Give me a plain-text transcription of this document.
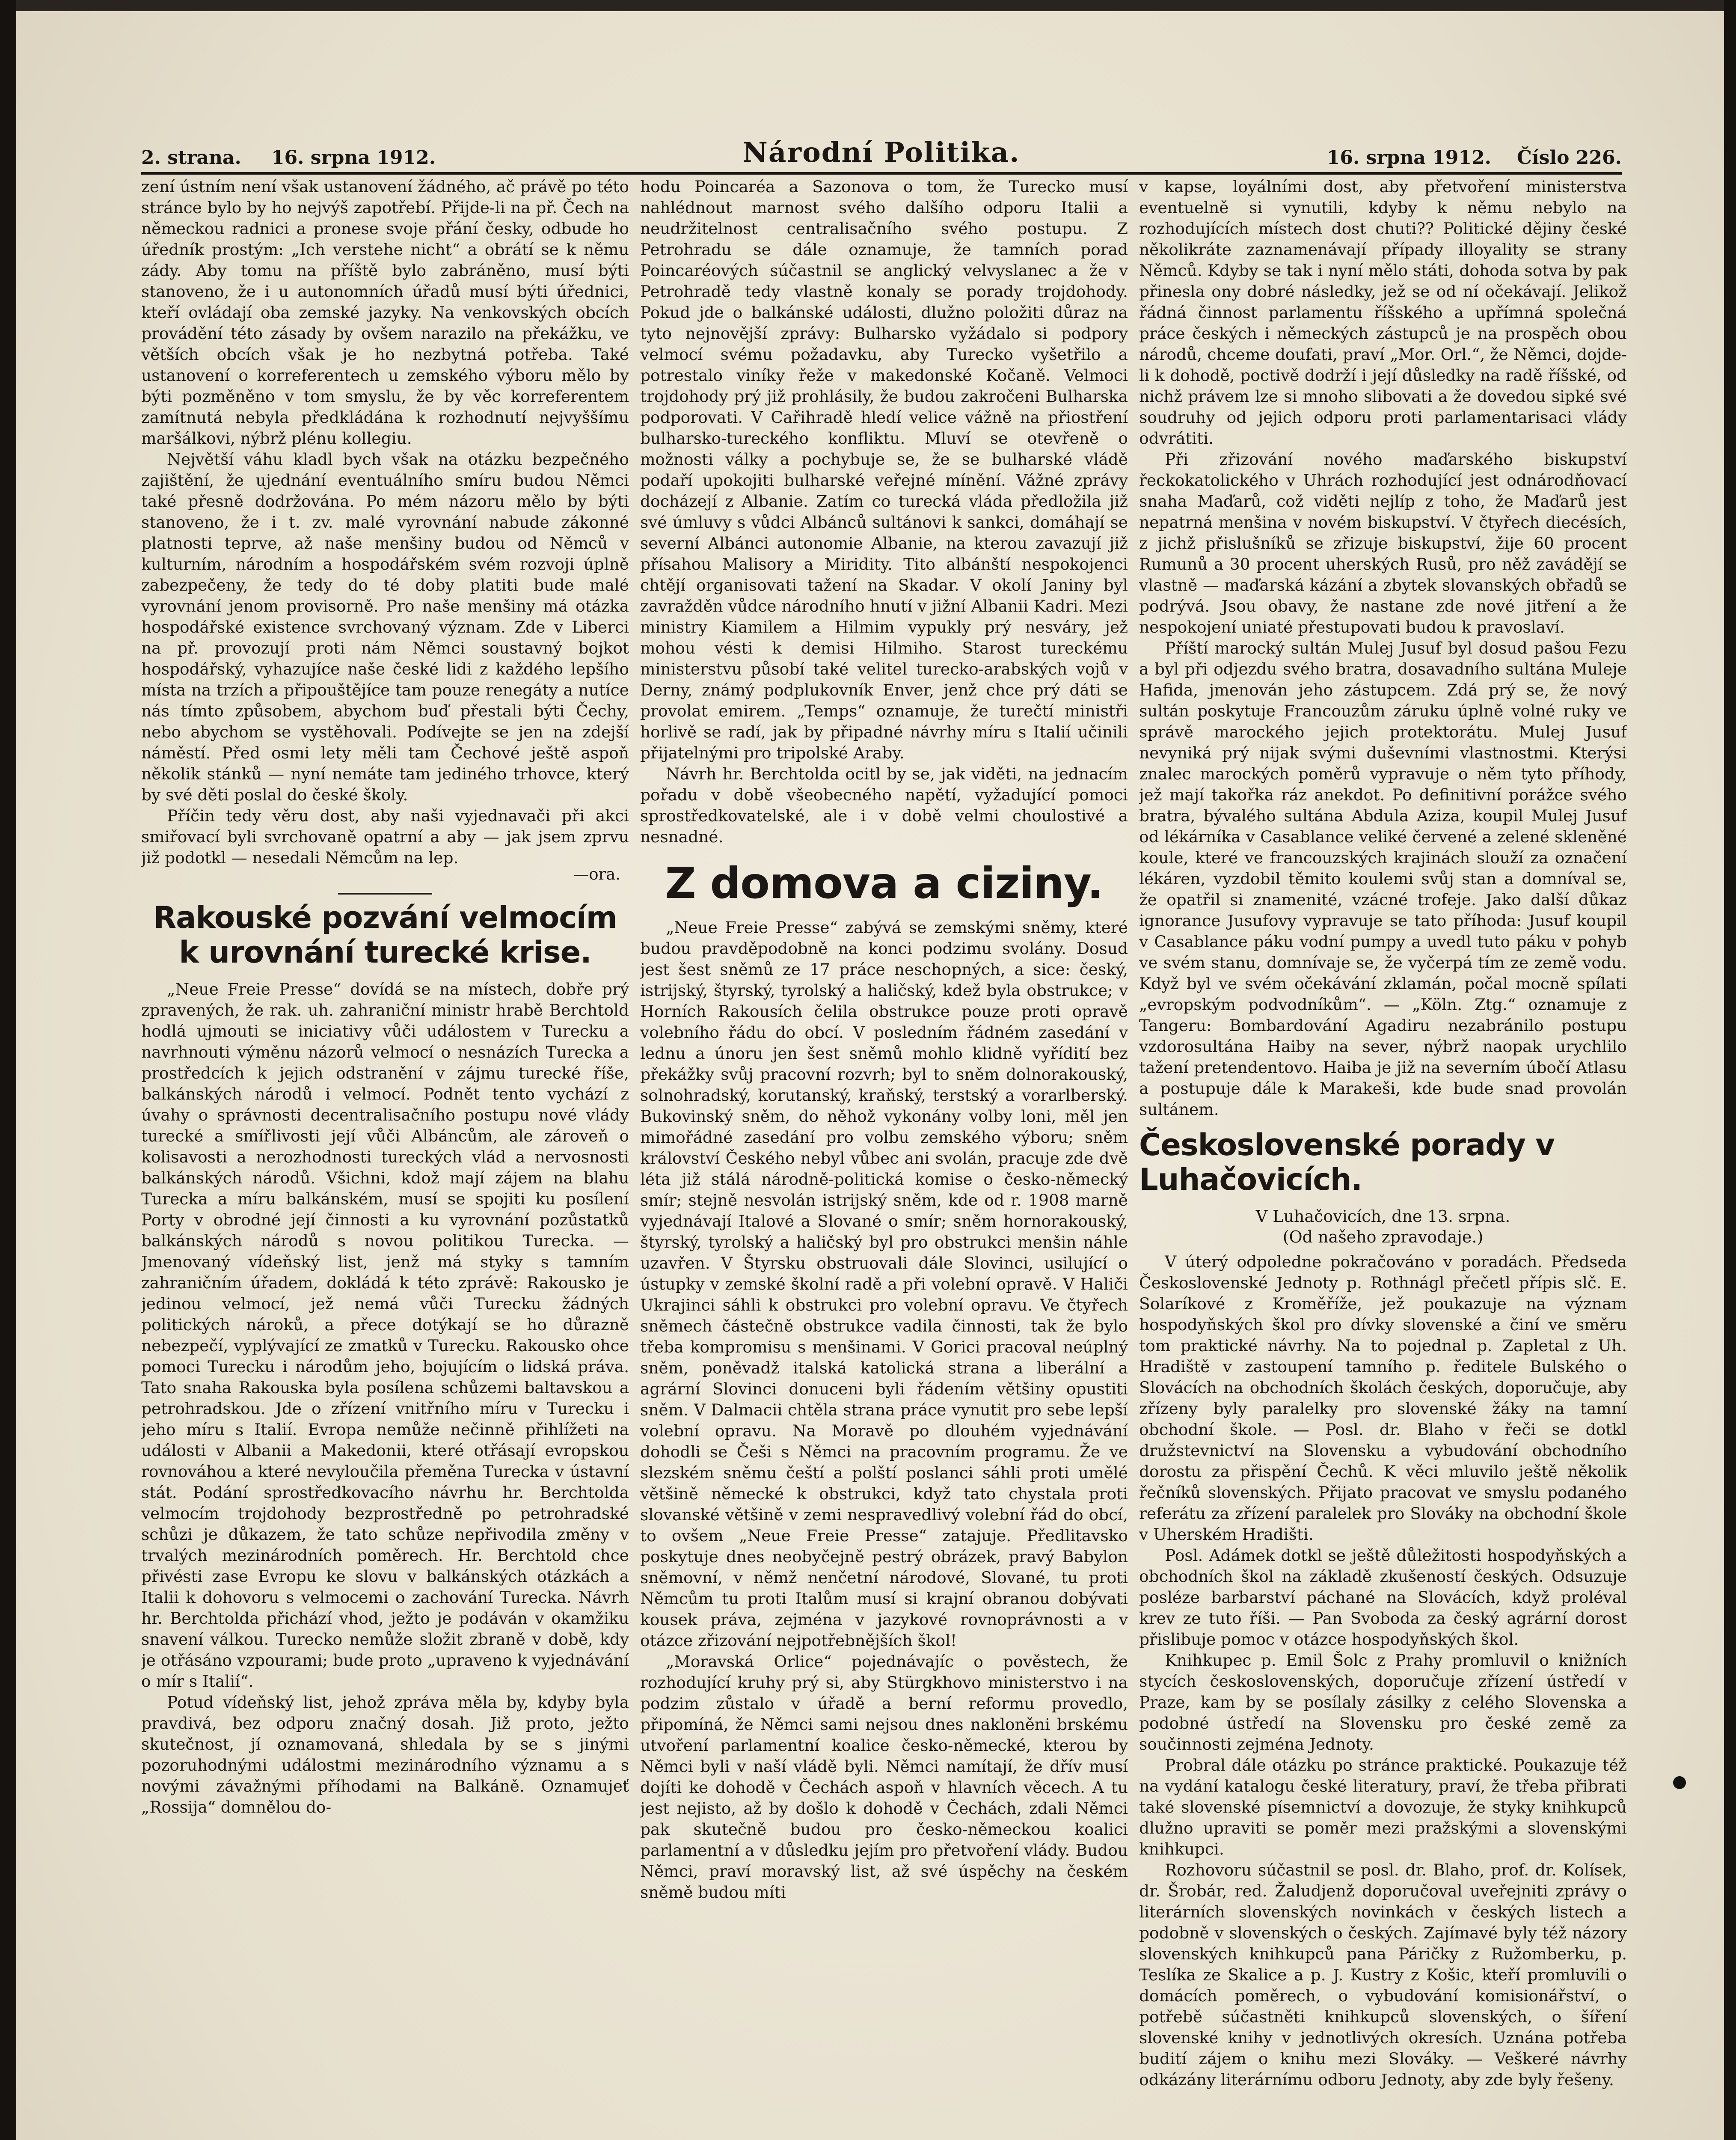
2. strana. 16. srpna 1912.	Národní Politika.	16. srpna 1912. Číslo 226.

zení ústním není však ustanovení žádného, ač právě po této stránce bylo by ho nejvýš zapotřebí. Přijde-li na př. Čech na německou radnici a pronese svoje přání česky, odbude ho úředník prostým: „Ich verstehe nicht“ a obrátí se k němu zády. Aby tomu na příště bylo zabráněno, musí býti stanoveno, že i u autonomních úřadů musí býti úřednici, kteří ovládají oba zemské jazyky. Na venkovských obcích provádění této zásady by ovšem narazilo na překážku, ve větších obcích však je ho nezbytná potřeba. Také ustanovení o korreferentech u zemského výboru mělo by býti pozměněno v tom smyslu, že by věc korreferentem zamítnutá nebyla předkládána k rozhodnutí nejvyššímu maršálkovi, nýbrž plénu kollegiu.

Největší váhu kladl bych však na otázku bezpečného zajištění, že ujednání eventuálního smíru budou Němci také přesně dodržována. Po mém názoru mělo by býti stanoveno, že i t. zv. malé vyrovnání nabude zákonné platnosti teprve, až naše menšiny budou od Němců v kulturním, národním a hospodářském svém rozvoji úplně zabezpečeny, že tedy do té doby platiti bude malé vyrovnání jenom provisorně. Pro naše menšiny má otázka hospodářské existence svrchovaný význam. Zde v Liberci na př. provozují proti nám Němci soustavný bojkot hospodářský, vyhazujíce naše české lidi z každého lepšího místa na trzích a připouštějíce tam pouze renegáty a nutíce nás tímto způsobem, abychom buď přestali býti Čechy, nebo abychom se vystěhovali. Podívejte se jen na zdejší náměstí. Před osmi lety měli tam Čechové ještě aspoň několik stánků — nyní nemáte tam jediného trhovce, který by své děti poslal do české školy.

Příčin tedy věru dost, aby naši vyjednavači při akci smiřovací byli svrchovaně opatrní a aby — jak jsem zprvu již podotkl — nesedali Němcům na lep.

—ora.
Rakouské pozvání velmocím k urovnání turecké krise.

„Neue Freie Presse“ dovídá se na místech, dobře prý zpravených, že rak. uh. zahraniční ministr hrabě Berchtold hodlá ujmouti se iniciativy vůči událostem v Turecku a navrhnouti výměnu názorů velmocí o nesnázích Turecka a prostředcích k jejich odstranění v zájmu turecké říše, balkánských národů i velmocí. Podnět tento vychází z úvahy o správnosti decentralisačního postupu nové vlády turecké a smířlivosti její vůči Albáncům, ale zároveň o kolisavosti a nerozhodnosti tureckých vlád a nervosnosti balkánských národů. Všichni, kdož mají zájem na blahu Turecka a míru balkánském, musí se spojiti ku posílení Porty v obrodné její činnosti a ku vyrovnání pozůstatků balkánských národů s novou politikou Turecka. — Jmenovaný vídeňský list, jenž má styky s tamním zahraničním úřadem, dokládá k této zprávě: Rakousko je jedinou velmocí, jež nemá vůči Turecku žádných politických nároků, a přece dotýkají se ho důrazně nebezpečí, vyplývající ze zmatků v Turecku. Rakousko ohce pomoci Turecku i národům jeho, bojujícím o lidská práva. Tato snaha Rakouska byla posílena schůzemi baltavskou a petrohradskou. Jde o zřízení vnitřního míru v Turecku i jeho míru s Italií. Evropa nemůže nečinně přihlížeti na události v Albanii a Makedonii, které otřásají evropskou rovnováhou a které nevyloučila přeměna Turecka v ústavní stát. Podání sprostředkovacího návrhu hr. Berchtolda velmocím trojdohody bezprostředně po petrohradské schůzi je důkazem, že tato schůze nepřivodila změny v trvalých mezinárodních poměrech. Hr. Berchtold chce přivésti zase Evropu ke slovu v balkánských otázkách a Italii k dohovoru s velmocemi o zachování Turecka. Návrh hr. Berchtolda přichází vhod, ježto je podáván v okamžiku snavení válkou. Turecko nemůže složit zbraně v době, kdy je otřásáno vzpourami; bude proto „upraveno k vyjednávání o mír s Italií“.

Potud vídeňský list, jehož zpráva měla by, kdyby byla pravdivá, bez odporu značný dosah. Již proto, ježto skutečnost, jí oznamovaná, shledala by se s jinými pozoruhodnými událostmi mezinárodního významu a s novými závažnými příhodami na Balkáně. Oznamujeť „Rossija“ domnělou do-

hodu Poincaréa a Sazonova o tom, že Turecko musí nahlédnout marnost svého dalšího odporu Italii a neudržitelnost centralisačního svého postupu. Z Petrohradu se dále oznamuje, že tamních porad Poincaréových súčastnil se anglický velvyslanec a že v Petrohradě tedy vlastně konaly se porady trojdohody. Pokud jde o balkánské události, dlužno položiti důraz na tyto nejnovější zprávy: Bulharsko vyžádalo si podpory velmocí svému požadavku, aby Turecko vyšetřilo a potrestalo viníky řeže v makedonské Kočaně. Velmoci trojdohody prý již prohlásily, že budou zakročeni Bulharska podporovati. V Cařihradě hledí velice vážně na přiostření bulharsko-tureckého konfliktu. Mluví se otevřeně o možnosti války a pochybuje se, že se bulharské vládě podaří upokojiti bulharské veřejné mínění. Vážné zprávy docházejí z Albanie. Zatím co turecká vláda předložila již své úmluvy s vůdci Albánců sultánovi k sankci, domáhají se severní Albánci autonomie Albanie, na kterou zavazují již přísahou Malisory a Miridity. Tito albánští nespokojenci chtějí organisovati tažení na Skadar. V okolí Janiny byl zavražděn vůdce národního hnutí v jižní Albanii Kadri. Mezi ministry Kiamilem a Hilmim vypukly prý nesváry, jež mohou vésti k demisi Hilmiho. Starost tureckému ministerstvu působí také velitel turecko-arabských vojů v Derny, známý podplukovník Enver, jenž chce prý dáti se provolat emirem. „Temps“ oznamuje, že turečtí ministři horlivě se radí, jak by připadné návrhy míru s Italií učinili přijatelnými pro tripolské Araby.

Návrh hr. Berchtolda ocitl by se, jak viděti, na jednacím pořadu v době všeobecného napětí, vyžadující pomoci sprostředkovatelské, ale i v době velmi choulostivé a nesnadné.

Z domova a ciziny.

„Neue Freie Presse“ zabývá se zemskými sněmy, které budou pravděpodobně na konci podzimu svolány. Dosud jest šest sněmů ze 17 práce neschopných, a sice: český, istrijský, štyrský, tyrolský a haličský, kdež byla obstrukce; v Horních Rakousích čelila obstrukce pouze proti opravě volebního řádu do obcí. V posledním řádném zasedání v lednu a únoru jen šest sněmů mohlo klidně vyřídití bez překážky svůj pracovní rozvrh; byl to sněm dolnorakouský, solnohradský, korutanský, kraňský, terstský a vorarlberský. Bukovinský sněm, do něhož vykonány volby loni, měl jen mimořádné zasedání pro volbu zemského výboru; sněm království Českého nebyl vůbec ani svolán, pracuje zde dvě léta již stálá národně-politická komise o česko-německý smír; stejně nesvolán istrijský sněm, kde od r. 1908 marně vyjednávají Italové a Slované o smír; sněm hornorakouský, štyrský, tyrolský a haličský byl pro obstrukci menšin náhle uzavřen. V Štyrsku obstruovali dále Slovinci, usilující o ústupky v zemské školní radě a při volební opravě. V Haliči Ukrajinci sáhli k obstrukci pro volební opravu. Ve čtyřech sněmech částečně obstrukce vadila činnosti, tak že bylo třeba kompromisu s menšinami. V Gorici pracoval neúplný sněm, poněvadž italská katolická strana a liberální a agrární Slovinci donuceni byli řádením většiny opustiti sněm. V Dalmacii chtěla strana práce vynutit pro sebe lepší volební opravu. Na Moravě po dlouhém vyjednávání dohodli se Češi s Němci na pracovním programu. Že ve slezském sněmu čeští a polští poslanci sáhli proti umělé většině německé k obstrukci, když tato chystala proti slovanské většině v zemi nespravedlivý volební řád do obcí, to ovšem „Neue Freie Presse“ zatajuje. Předlitavsko poskytuje dnes neobyčejně pestrý obrázek, pravý Babylon sněmovní, v němž nenčetní národové, Slované, tu proti Němcům tu proti Italům musí si krajní obranou dobývati kousek práva, zejména v jazykové rovnoprávnosti a v otázce zřizování nejpotřebnějších škol!

„Moravská Orlice“ pojednávajíc o pověstech, že rozhodující kruhy prý si, aby Stürgkhovo ministerstvo i na podzim zůstalo v úřadě a berní reformu provedlo, připomíná, že Němci sami nejsou dnes nakloněni brskému utvoření parlamentní koalice česko-německé, kterou by Němci byli v naší vládě byli. Němci namítají, že dřív musí dojíti ke dohodě v Čechách aspoň v hlavních věcech. A tu jest nejisto, až by došlo k dohodě v Čechách, zdali Němci pak skutečně budou pro česko-německou koalici parlamentní a v důsledku jejím pro přetvoření vlády. Budou Němci, praví moravský list, až své úspěchy na českém sněmě budou míti

v kapse, loyálními dost, aby přetvoření ministerstva eventuelně si vynutili, kdyby k němu nebylo na rozhodujících místech dost chuti?? Politické dějiny české několikráte zaznamenávají případy illoyality se strany Němců. Kdyby se tak i nyní mělo státi, dohoda sotva by pak přinesla ony dobré následky, jež se od ní očekávají. Jelikož řádná činnost parlamentu říšského a upřímná společná práce českých i německých zástupců je na prospěch obou národů, chceme doufati, praví „Mor. Orl.“, že Němci, dojde-li k dohodě, poctivě dodrží i její důsledky na radě říšské, od nichž právem lze si mnoho slibovati a že dovedou sipké své soudruhy od jejich odporu proti parlamentarisaci vlády odvrátiti.

Při zřizování nového maďarského biskupství řeckokatolického v Uhrách rozhodující jest odnárodňovací snaha Maďarů, což viděti nejlíp z toho, že Maďarů jest nepatrná menšina v novém biskupství. V čtyřech diecésích, z jichž přislušníků se zřizuje biskupství, žije 60 procent Rumunů a 30 procent uherských Rusů, pro něž zavádějí se vlastně — maďarská kázání a zbytek slovanských obřadů se podrývá. Jsou obavy, že nastane zde nové jitření a že nespokojení uniaté přestupovati budou k pravoslaví.

Příští marocký sultán Mulej Jusuf byl dosud pašou Fezu a byl při odjezdu svého bratra, dosavadního sultána Muleje Hafida, jmenován jeho zástupcem. Zdá prý se, že nový sultán poskytuje Francouzům záruku úplně volné ruky ve správě marockého jejich protektorátu. Mulej Jusuf nevyniká prý nijak svými duševními vlastnostmi. Kterýsi znalec marockých poměrů vypravuje o něm tyto příhody, jež mají takořka ráz anekdot. Po definitivní porážce svého bratra, bývalého sultána Abdula Aziza, koupil Mulej Jusuf od lékárníka v Casablance veliké červené a zelené skleněné koule, které ve francouzských krajinách slouží za označení lékáren, vyzdobil těmito koulemi svůj stan a domníval se, že opatřil si znamenité, vzácné trofeje. Jako další důkaz ignorance Jusufovy vypravuje se tato příhoda: Jusuf koupil v Casablance páku vodní pumpy a uvedl tuto páku v pohyb ve svém stanu, domnívaje se, že vyčerpá tím ze země vodu. Když byl ve svém očekávání zklamán, počal mocně spílati „evropským podvodníkům“. — „Köln. Ztg.“ oznamuje z Tangeru: Bombardování Agadiru nezabránilo postupu vzdorosultána Haiby na sever, nýbrž naopak urychlilo tažení pretendentovo. Haiba je již na severním úbočí Atlasu a postupuje dále k Marakeši, kde bude snad provolán sultánem.

Československé porady v Luhačovicích.
V Luhačovicích, dne 13. srpna.
(Od našeho zpravodaje.)

V úterý odpoledne pokračováno v poradách. Předseda Československé Jednoty p. Rothnágl přečetl přípis slč. E. Solaríkové z Kroměříže, jež poukazuje na význam hospodyňských škol pro dívky slovenské a činí ve směru tom praktické návrhy. Na to pojednal p. Zapletal z Uh. Hradiště v zastoupení tamního p. ředitele Bulského o Slovácích na obchodních školách českých, doporučuje, aby zřízeny byly paralelky pro slovenské žáky na tamní obchodní škole. — Posl. dr. Blaho v řeči se dotkl družstevnictví na Slovensku a vybudování obchodního dorostu za přispění Čechů. K věci mluvilo ještě několik řečníků slovenských. Přijato pracovat ve smyslu podaného referátu za zřízení paralelek pro Slováky na obchodní škole v Uherském Hradišti.

Posl. Adámek dotkl se ještě důležitosti hospodyňských a obchodních škol na základě zkušeností českých. Odsuzuje posléze barbarství páchané na Slovácích, když proléval krev ze tuto říši. — Pan Svoboda za český agrární dorost přislibuje pomoc v otázce hospodyňských škol.

Knihkupec p. Emil Šolc z Prahy promluvil o knižních stycích československých, doporučuje zřízení ústředí v Praze, kam by se posílaly zásilky z celého Slovenska a podobné ústředí na Slovensku pro české země za součinnosti zejména Jednoty.

Probral dále otázku po stránce praktické. Poukazuje též na vydání katalogu české literatury, praví, že třeba přibrati také slovenské písemnictví a dovozuje, že styky knihkupců dlužno upraviti se poměr mezi pražskými a slovenskými knihkupci.

Rozhovoru súčastnil se posl. dr. Blaho, prof. dr. Kolísek, dr. Šrobár, red. Žaludjenž doporučoval uveřejniti zprávy o literárních slovenských novinkách v českých listech a podobně v slovenských o českých. Zajímavé byly též názory slovenských knihkupců pana Páričky z Ružomberku, p. Teslíka ze Skalice a p. J. Kustry z Košic, kteří promluvili o domácích poměrech, o vybudování komisionářství, o potřebě súčastněti knihkupců slovenských, o šíření slovenské knihy v jednotlivých okresích. Uznána potřeba budití zájem o knihu mezi Slováky. — Veškeré návrhy odkázány literárnímu odboru Jednoty, aby zde byly řešeny.
